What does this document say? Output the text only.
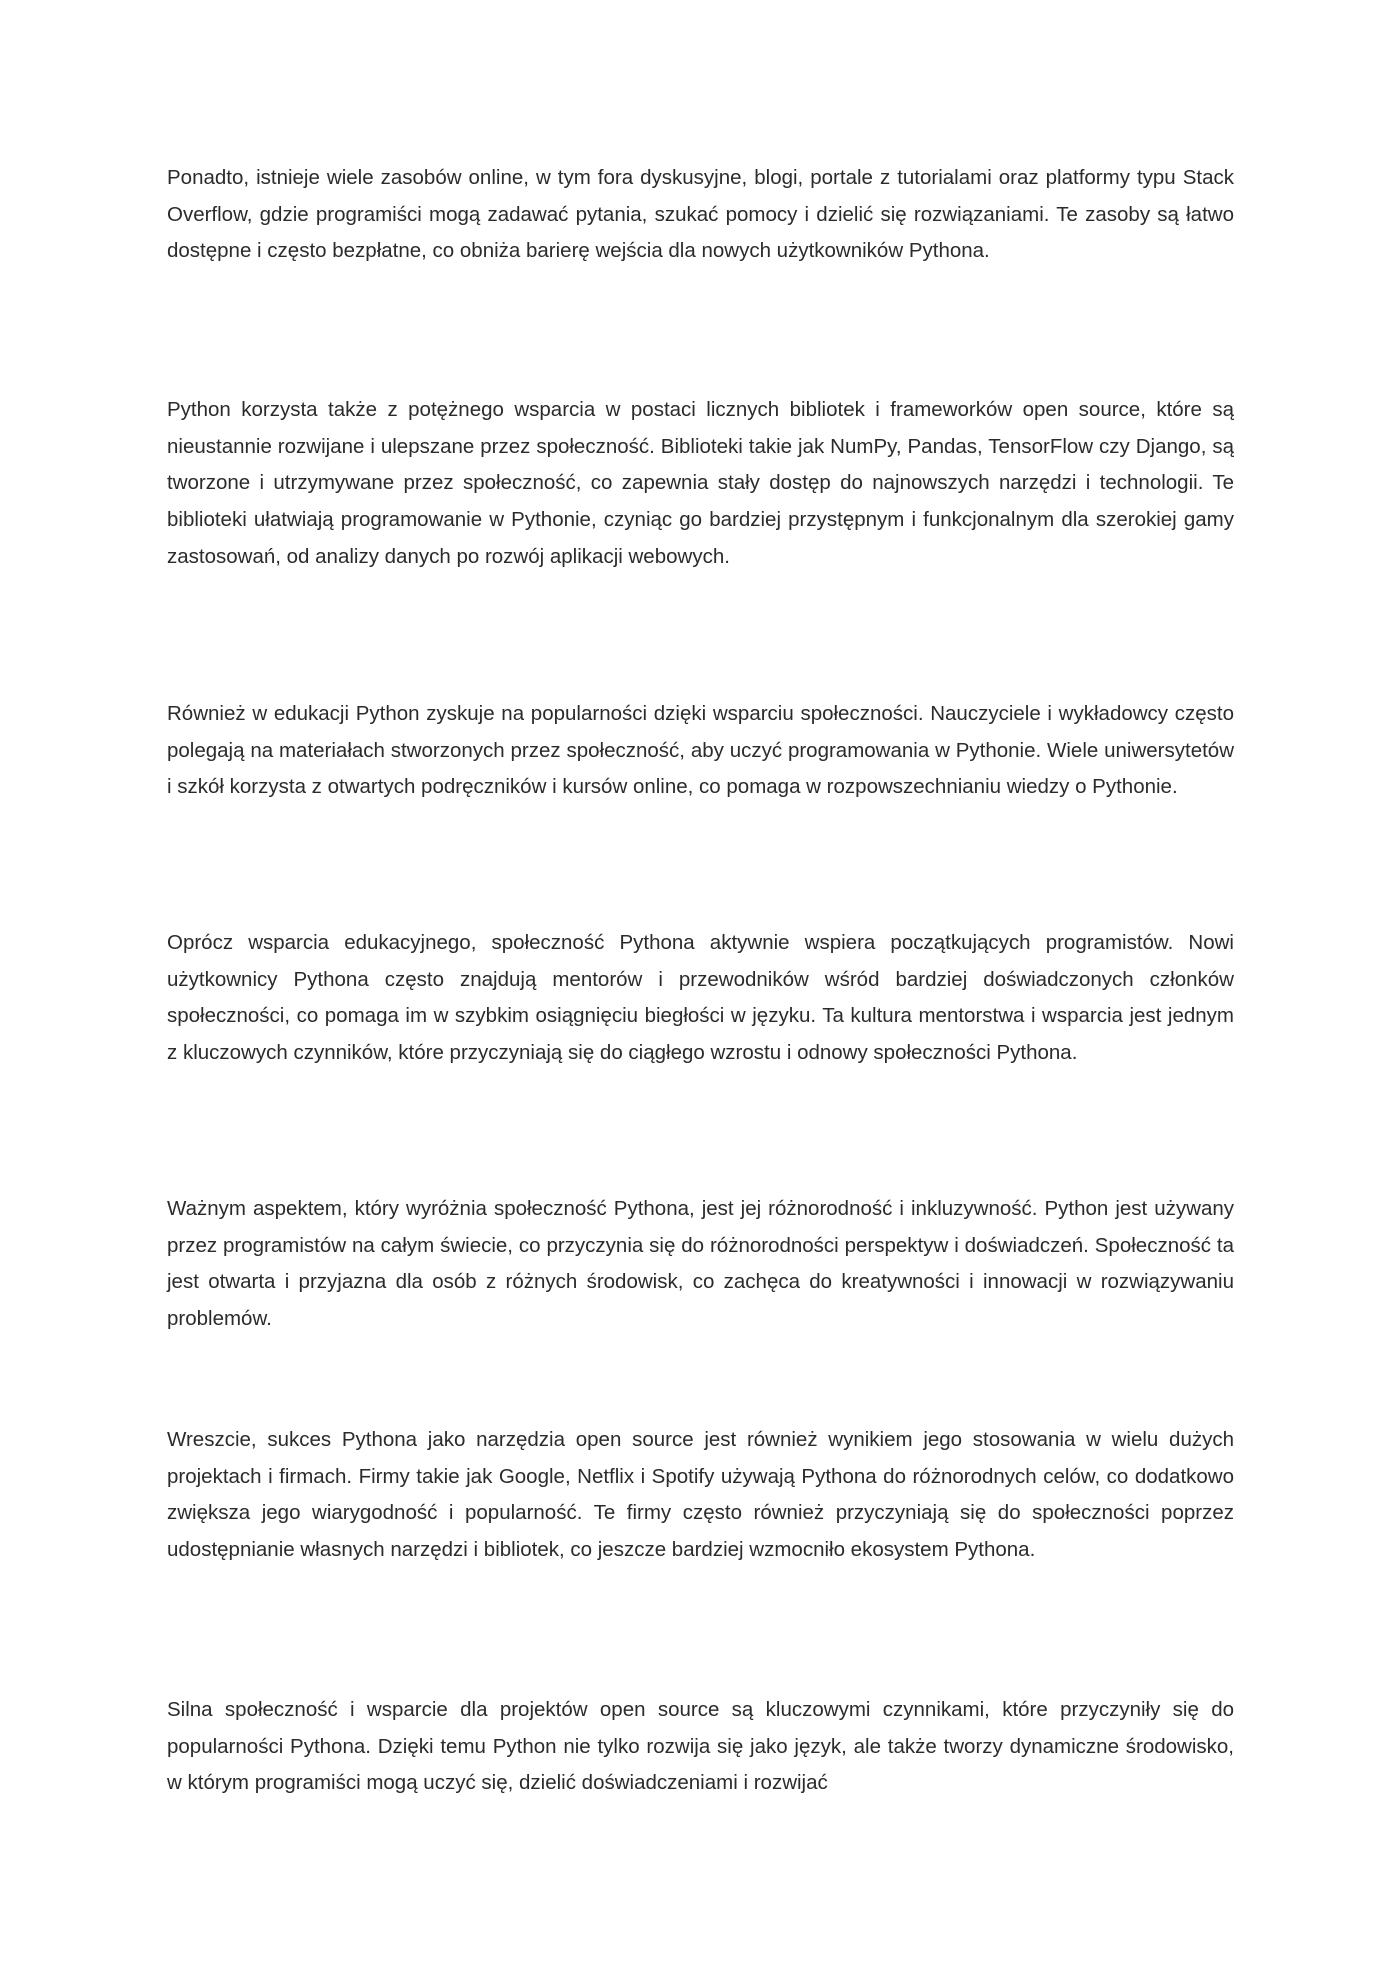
Ponadto, istnieje wiele zasobów online, w tym fora dyskusyjne, blogi, portale z tutorialami oraz platformy typu Stack Overflow, gdzie programiści mogą zadawać pytania, szukać pomocy i dzielić się rozwiązaniami. Te zasoby są łatwo dostępne i często bezpłatne, co obniża barierę wejścia dla nowych użytkowników Pythona.

Python korzysta także z potężnego wsparcia w postaci licznych bibliotek i frameworków open source, które są nieustannie rozwijane i ulepszane przez społeczność. Biblioteki takie jak NumPy, Pandas, TensorFlow czy Django, są tworzone i utrzymywane przez społeczność, co zapewnia stały dostęp do najnowszych narzędzi i technologii. Te biblioteki ułatwiają programowanie w Pythonie, czyniąc go bardziej przystępnym i funkcjonalnym dla szerokiej gamy zastosowań, od analizy danych po rozwój aplikacji webowych.

Również w edukacji Python zyskuje na popularności dzięki wsparciu społeczności. Nauczyciele i wykładowcy często polegają na materiałach stworzonych przez społeczność, aby uczyć programowania w Pythonie. Wiele uniwersytetów i szkół korzysta z otwartych podręczników i kursów online, co pomaga w rozpowszechnianiu wiedzy o Pythonie.

Oprócz wsparcia edukacyjnego, społeczność Pythona aktywnie wspiera początkujących programistów. Nowi użytkownicy Pythona często znajdują mentorów i przewodników wśród bardziej doświadczonych członków społeczności, co pomaga im w szybkim osiągnięciu biegłości w języku. Ta kultura mentorstwa i wsparcia jest jednym z kluczowych czynników, które przyczyniają się do ciągłego wzrostu i odnowy społeczności Pythona.

Ważnym aspektem, który wyróżnia społeczność Pythona, jest jej różnorodność i inkluzywność. Python jest używany przez programistów na całym świecie, co przyczynia się do różnorodności perspektyw i doświadczeń. Społeczność ta jest otwarta i przyjazna dla osób z różnych środowisk, co zachęca do kreatywności i innowacji w rozwiązywaniu problemów.

Wreszcie, sukces Pythona jako narzędzia open source jest również wynikiem jego stosowania w wielu dużych projektach i firmach. Firmy takie jak Google, Netflix i Spotify używają Pythona do różnorodnych celów, co dodatkowo zwiększa jego wiarygodność i popularność. Te firmy często również przyczyniają się do społeczności poprzez udostępnianie własnych narzędzi i bibliotek, co jeszcze bardziej wzmocniło ekosystem Pythona.

Silna społeczność i wsparcie dla projektów open source są kluczowymi czynnikami, które przyczyniły się do popularności Pythona. Dzięki temu Python nie tylko rozwija się jako język, ale także tworzy dynamiczne środowisko, w którym programiści mogą uczyć się, dzielić doświadczeniami i rozwijać
